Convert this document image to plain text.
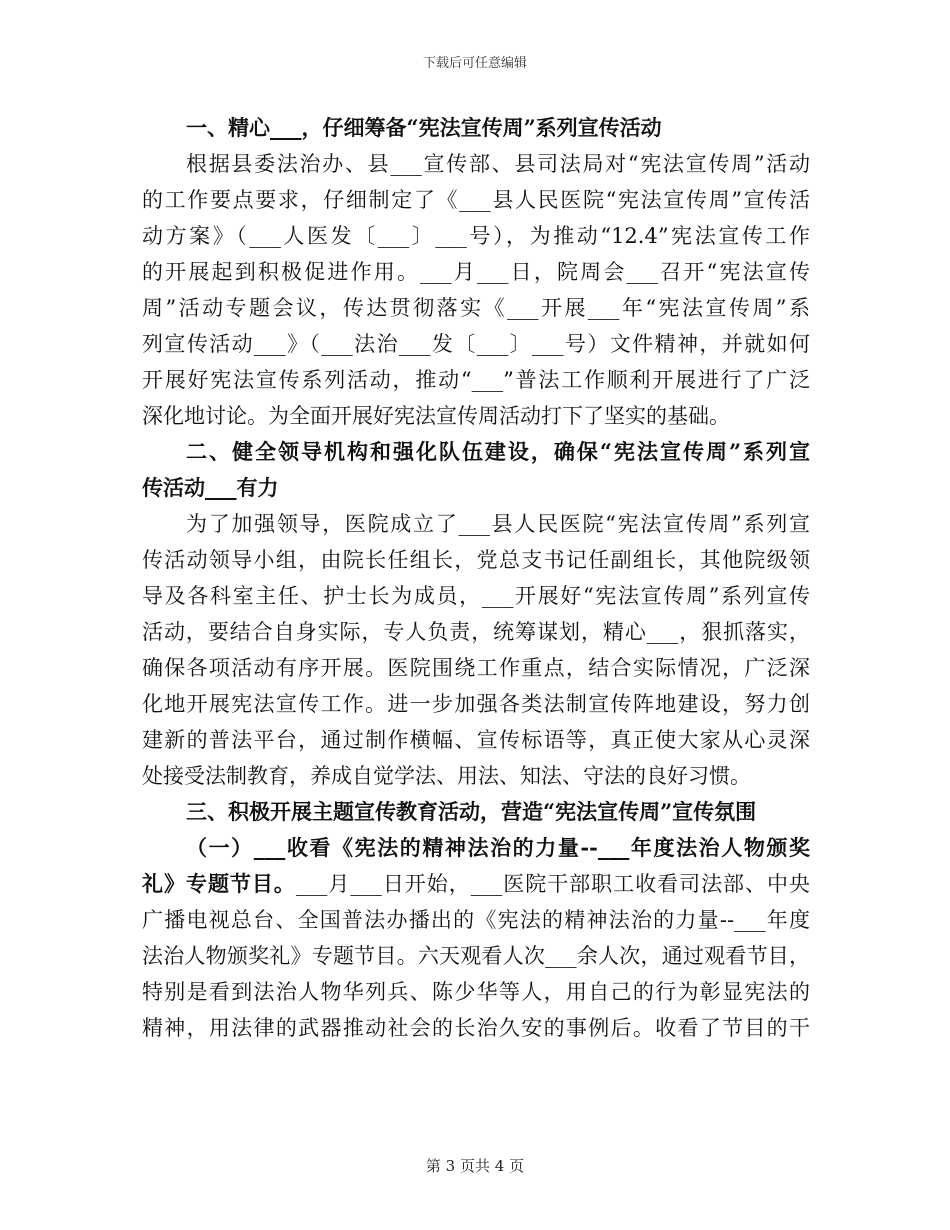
下载后可任意编辑
一、精心___，仔细筹备“宪法宣传周”系列宣传活动
根据县委法治办、县___宣传部、县司法局对“宪法宣传周”活动
的工作要点要求，仔细制定了《___县人民医院“宪法宣传周”宣传活
动方案》（___人医发〔___〕___号），为推动“12.4”宪法宣传工作
的开展起到积极促进作用。___月___日，院周会___召开“宪法宣传
周”活动专题会议，传达贯彻落实《___开展___年“宪法宣传周”系
列宣传活动___》（___法治___发〔___〕___号）文件精神，并就如何
开展好宪法宣传系列活动，推动“___”普法工作顺利开展进行了广泛
深化地讨论。为全面开展好宪法宣传周活动打下了坚实的基础。
二、健全领导机构和强化队伍建设，确保“宪法宣传周”系列宣
传活动___有力
为了加强领导，医院成立了___县人民医院“宪法宣传周”系列宣
传活动领导小组，由院长任组长，党总支书记任副组长，其他院级领
导及各科室主任、护士长为成员，___开展好“宪法宣传周”系列宣传
活动，要结合自身实际，专人负责，统筹谋划，精心___，狠抓落实，
确保各项活动有序开展。医院围绕工作重点，结合实际情况，广泛深
化地开展宪法宣传工作。进一步加强各类法制宣传阵地建设，努力创
建新的普法平台，通过制作横幅、宣传标语等，真正使大家从心灵深
处接受法制教育，养成自觉学法、用法、知法、守法的良好习惯。
三、积极开展主题宣传教育活动，营造“宪法宣传周”宣传氛围
（一）___收看《宪法的精神法治的力量--___年度法治人物颁奖
礼》专题节目。___月___日开始，___医院干部职工收看司法部、中央
广播电视总台、全国普法办播出的《宪法的精神法治的力量--___年度
法治人物颁奖礼》专题节目。六天观看人次___余人次，通过观看节目，
特别是看到法治人物华列兵、陈少华等人，用自己的行为彰显宪法的
精神，用法律的武器推动社会的长治久安的事例后。收看了节目的干
第 3 页共 4 页
